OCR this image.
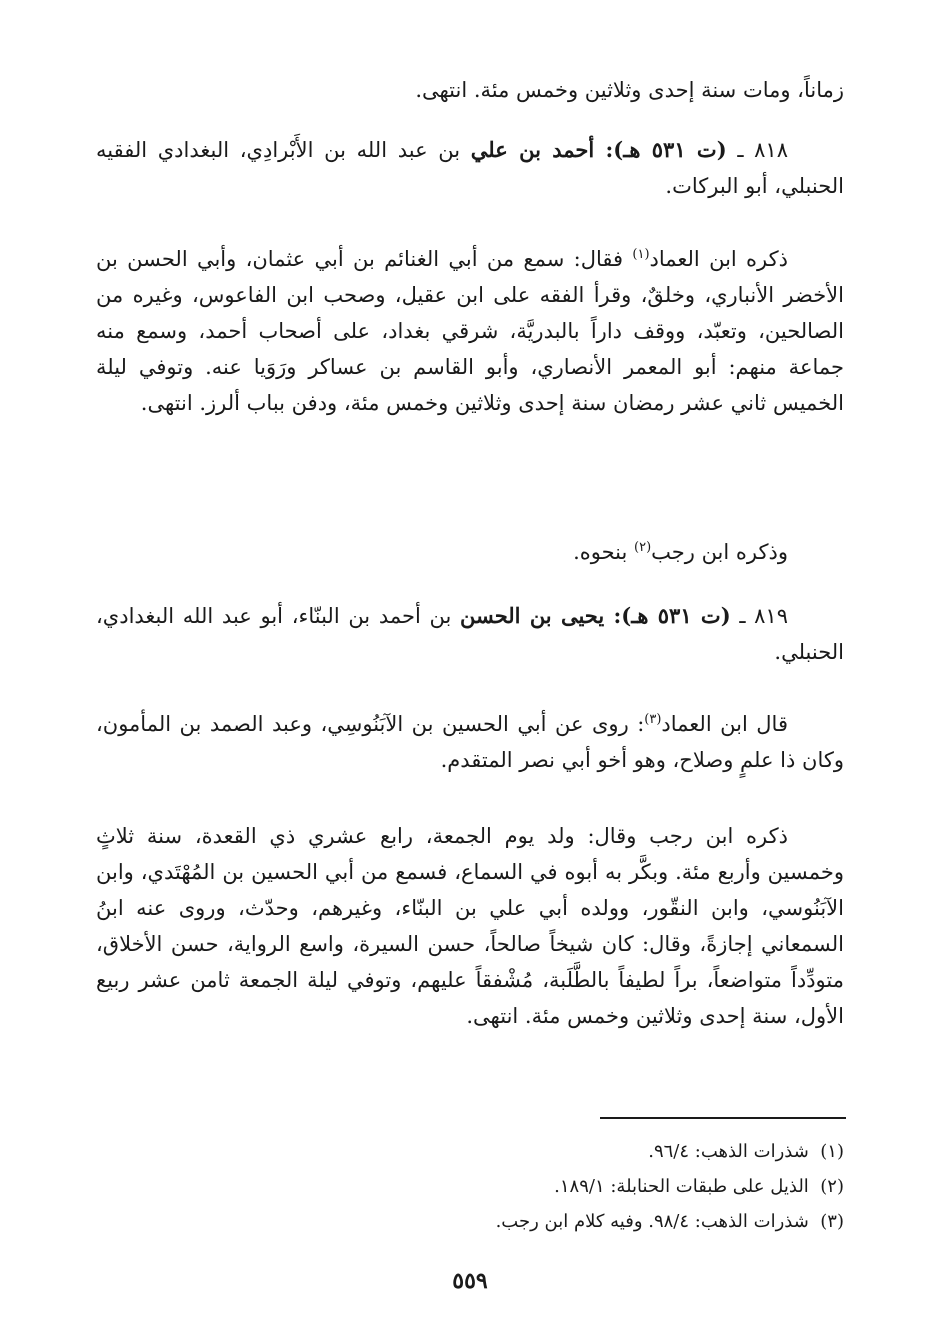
زماناً، ومات سنة إحدى وثلاثين وخمس مئة. انتهى.

٨١٨ ـ (ت ٥٣١ هـ): أحمد بن علي بن عبد الله بن الأَبْرادِي، البغدادي الفقيه الحنبلي، أبو البركات.

ذكره ابن العماد$^{(١)}$ فقال: سمع من أبي الغنائم بن أبي عثمان، وأبي الحسن بن الأخضر الأنباري، وخلقٌ، وقرأ الفقه على ابن عقيل، وصحب ابن الفاعوس، وغيره من الصالحين، وتعبّد، ووقف داراً بالبدريَّة، شرقي بغداد، على أصحاب أحمد، وسمع منه جماعة منهم: أبو المعمر الأنصاري، وأبو القاسم بن عساكر ورَوَيا عنه. وتوفي ليلة الخميس ثاني عشر رمضان سنة إحدى وثلاثين وخمس مئة، ودفن بباب ألرز. انتهى.

وذكره ابن رجب$^{(٢)}$ بنحوه.

٨١٩ ـ (ت ٥٣١ هـ): يحيى بن الحسن بن أحمد بن البنّاء، أبو عبد الله البغدادي، الحنبلي.

قال ابن العماد$^{(٣)}$: روى عن أبي الحسين بن الآبَنُوسِي، وعبد الصمد بن المأمون، وكان ذا علمٍ وصلاح، وهو أخو أبي نصر المتقدم.

ذكره ابن رجب وقال: ولد يوم الجمعة، رابع عشري ذي القعدة، سنة ثلاثٍ وخمسين وأربع مئة. وبكَّر به أبوه في السماع، فسمع من أبي الحسين بن المُهْتَدي، وابن الآبَنُوسي، وابن النقّور، وولده أبي علي بن البنّاء، وغيرهم، وحدّث، وروى عنه ابنُ السمعاني إجازةً، وقال: كان شيخاً صالحاً، حسن السيرة، واسع الرواية، حسن الأخلاق، متودِّداً متواضعاً، براً لطيفاً بالطَّلَبة، مُشْفقاً عليهم، وتوفي ليلة الجمعة ثامن عشر ربيع الأول، سنة إحدى وثلاثين وخمس مئة. انتهى.

(١)  شذرات الذهب: ٩٦/٤.

(٢)  الذيل على طبقات الحنابلة: ١٨٩/١.

(٣)  شذرات الذهب: ٩٨/٤. وفيه كلام ابن رجب.

٥٥٩
